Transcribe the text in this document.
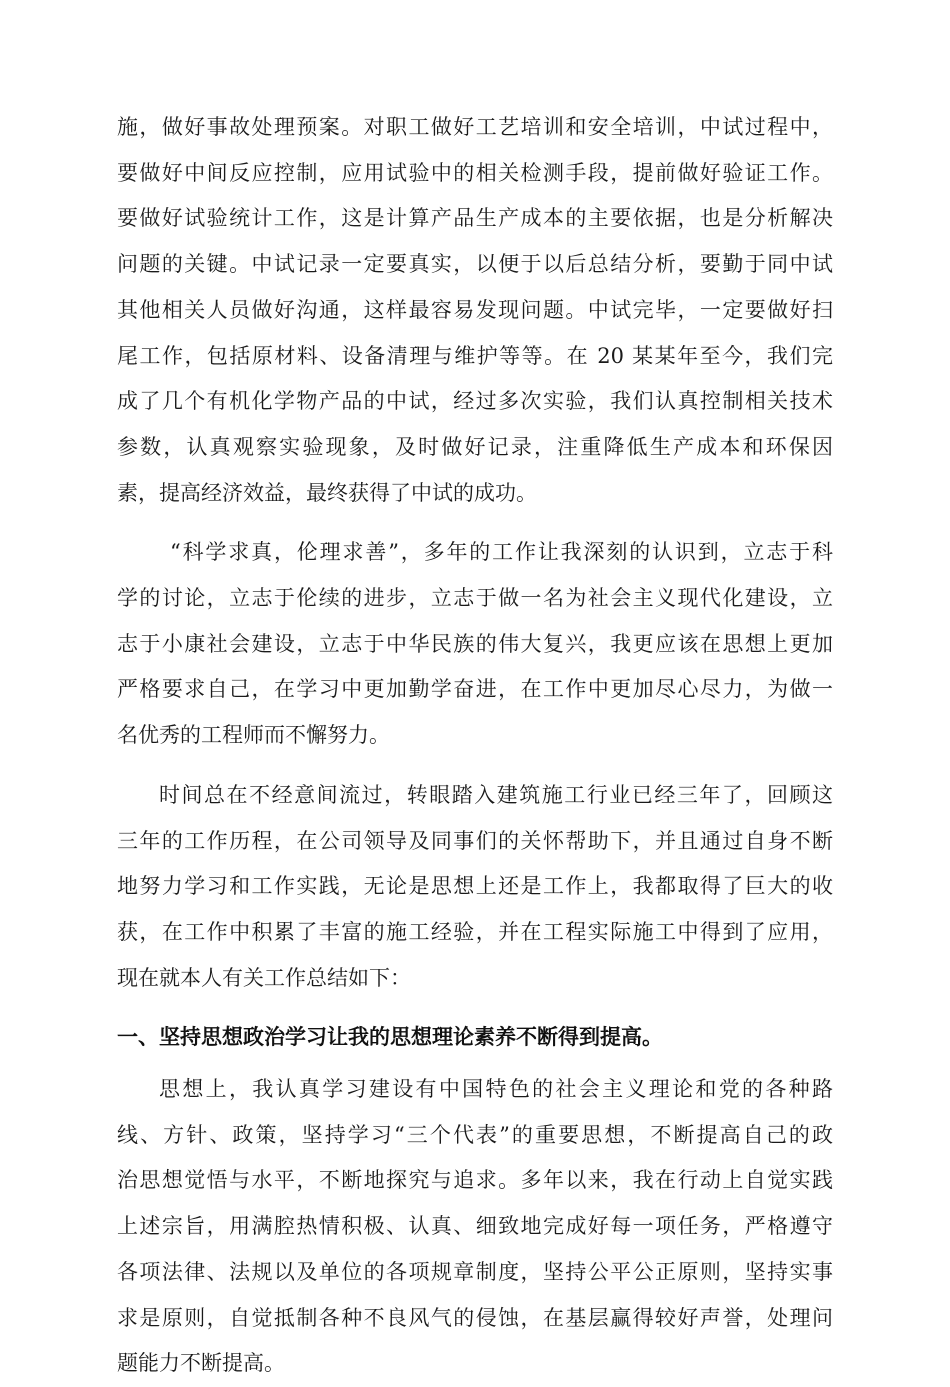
施，做好事故处理预案。对职工做好工艺培训和安全培训，中试过程中，
要做好中间反应控制，应用试验中的相关检测手段，提前做好验证工作。
要做好试验统计工作，这是计算产品生产成本的主要依据，也是分析解决
问题的关键。中试记录一定要真实，以便于以后总结分析，要勤于同中试
其他相关人员做好沟通，这样最容易发现问题。中试完毕，一定要做好扫
尾工作，包括原材料、设备清理与维护等等。在 20 某某年至今，我们完
成了几个有机化学物产品的中试，经过多次实验，我们认真控制相关技术
参数，认真观察实验现象，及时做好记录，注重降低生产成本和环保因
素，提高经济效益，最终获得了中试的成功。
“科学求真，伦理求善”，多年的工作让我深刻的认识到，立志于科
学的讨论，立志于伦续的进步，立志于做一名为社会主义现代化建设，立
志于小康社会建设，立志于中华民族的伟大复兴，我更应该在思想上更加
严格要求自己，在学习中更加勤学奋进，在工作中更加尽心尽力，为做一
名优秀的工程师而不懈努力。
时间总在不经意间流过，转眼踏入建筑施工行业已经三年了，回顾这
三年的工作历程，在公司领导及同事们的关怀帮助下，并且通过自身不断
地努力学习和工作实践，无论是思想上还是工作上，我都取得了巨大的收
获，在工作中积累了丰富的施工经验，并在工程实际施工中得到了应用，
现在就本人有关工作总结如下：
一、坚持思想政治学习让我的思想理论素养不断得到提高。
思想上，我认真学习建设有中国特色的社会主义理论和党的各种路
线、方针、政策，坚持学习“三个代表”的重要思想，不断提高自己的政
治思想觉悟与水平，不断地探究与追求。多年以来，我在行动上自觉实践
上述宗旨，用满腔热情积极、认真、细致地完成好每一项任务，严格遵守
各项法律、法规以及单位的各项规章制度，坚持公平公正原则，坚持实事
求是原则，自觉抵制各种不良风气的侵蚀，在基层赢得较好声誉，处理问
题能力不断提高。
